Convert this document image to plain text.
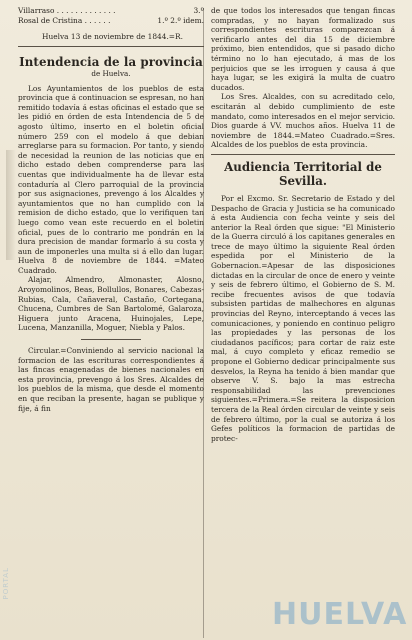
Villarraso . . . . . . . . . . . . .	3.º
Rosal de Cristina . . . . . .	1.º 2.º idem.

Huelva 13 de noviembre de 1844.=R.

Intendencia de la provincia
de Huelva.

Los Ayuntamientos de los pueblos de esta provincia que á continuacion se espresan, no han remitido todavía á estas oficinas el estado que se les pidió en órden de esta Intendencia de 5 de agosto último, inserto en el boletin oficial número 259 con el modelo á que debian arreglarse para su formacion. Por tanto, y siendo de necesidad la reunion de las noticias que en dicho estado deben comprenderse para las cuentas que individualmente ha de llevar esta contaduría al Clero parroquial de la provincia por sus asignaciones, prevengo á los Alcaldes y ayuntamientos que no han cumplido con la remision de dicho estado, que lo verifiquen tan luego como vean este recuerdo en el boletin oficial, pues de lo contrario me pondrán en la dura precision de mandar formarlo á su costa y aun de imponerles una multa si á ello dan lugar. Huelva 8 de noviembre de 1844. =Mateo Cuadrado.

Alajar, Almendro, Almonaster, Alosno, Aroyomolinos, Beas, Bollullos, Bonares, Cabezas-Rubias, Cala, Cañaveral, Castaño, Cortegana, Chucena, Cumbres de San Bartolomé, Galaroza, Higuera junto Aracena, Huinojales, Lepe, Lucena, Manzanilla, Moguer, Niebla y Palos.

Circular.=Conviniendo al servicio nacional la formacion de las escrituras correspondientes á las fincas enagenadas de bienes nacionales en esta provincia, prevengo á los Sres. Alcaldes de los pueblos de la misma, que desde el momento en que reciban la presente, hagan se publique y fije, á fin

de que todos los interesados que tengan fincas compradas, y no hayan formalizado sus correspondientes escrituras comparezcan á verificarlo antes del dia 15 de diciembre próximo, bien entendidos, que si pasado dicho término no lo han ejecutado, á mas de los perjuicios que se les irroguen y causa á que haya lugar, se les exigirá la multa de cuatro ducados.

Los Sres. Alcaldes, con su acreditado celo, escitarán al debido cumplimiento de este mandato, como interesados en el mejor servicio. Dios guarde á VV. muchos años. Huelva 11 de noviembre de 1844.=Mateo Cuadrado.=Sres. Alcaldes de los pueblos de esta provincia.

Audiencia Territorial de Sevilla.

Por el Excmo. Sr. Secretario de Estado y del Despacho de Gracia y Justicia se ha comunicado á esta Audiencia con fecha veinte y seis del anterior la Real órden que sigue: "El Ministerio de la Guerra circuló á los capitanes generales en trece de mayo último la siguiente Real órden espedida por el Ministerio de la Gobernacion.=Apesar de las disposiciones dictadas en la circular de once de enero y veinte y seis de febrero último, el Gobierno de S. M. recibe frecuentes avisos de que todavía subsisten partidas de malhechores en algunas provincias del Reyno, interceptando á veces las comunicaciones, y poniendo en continuo peligro las propiedades y las personas de los ciudadanos pacíficos; para cortar de raiz este mal, á cuyo completo y eficaz remedio se propone el Gobierno dedicar principalmente sus desvelos, la Reyna ha tenido á bien mandar que observe V. S. bajo la mas estrecha responsabilidad las prevenciones siguientes.=Primera.=Se reitera la disposicion tercera de la Real órden circular de veinte y seis de febrero último, por la cual se autoriza á los Gefes políticos la formacion de partidas de protec-

PORTAL
HUELVA
